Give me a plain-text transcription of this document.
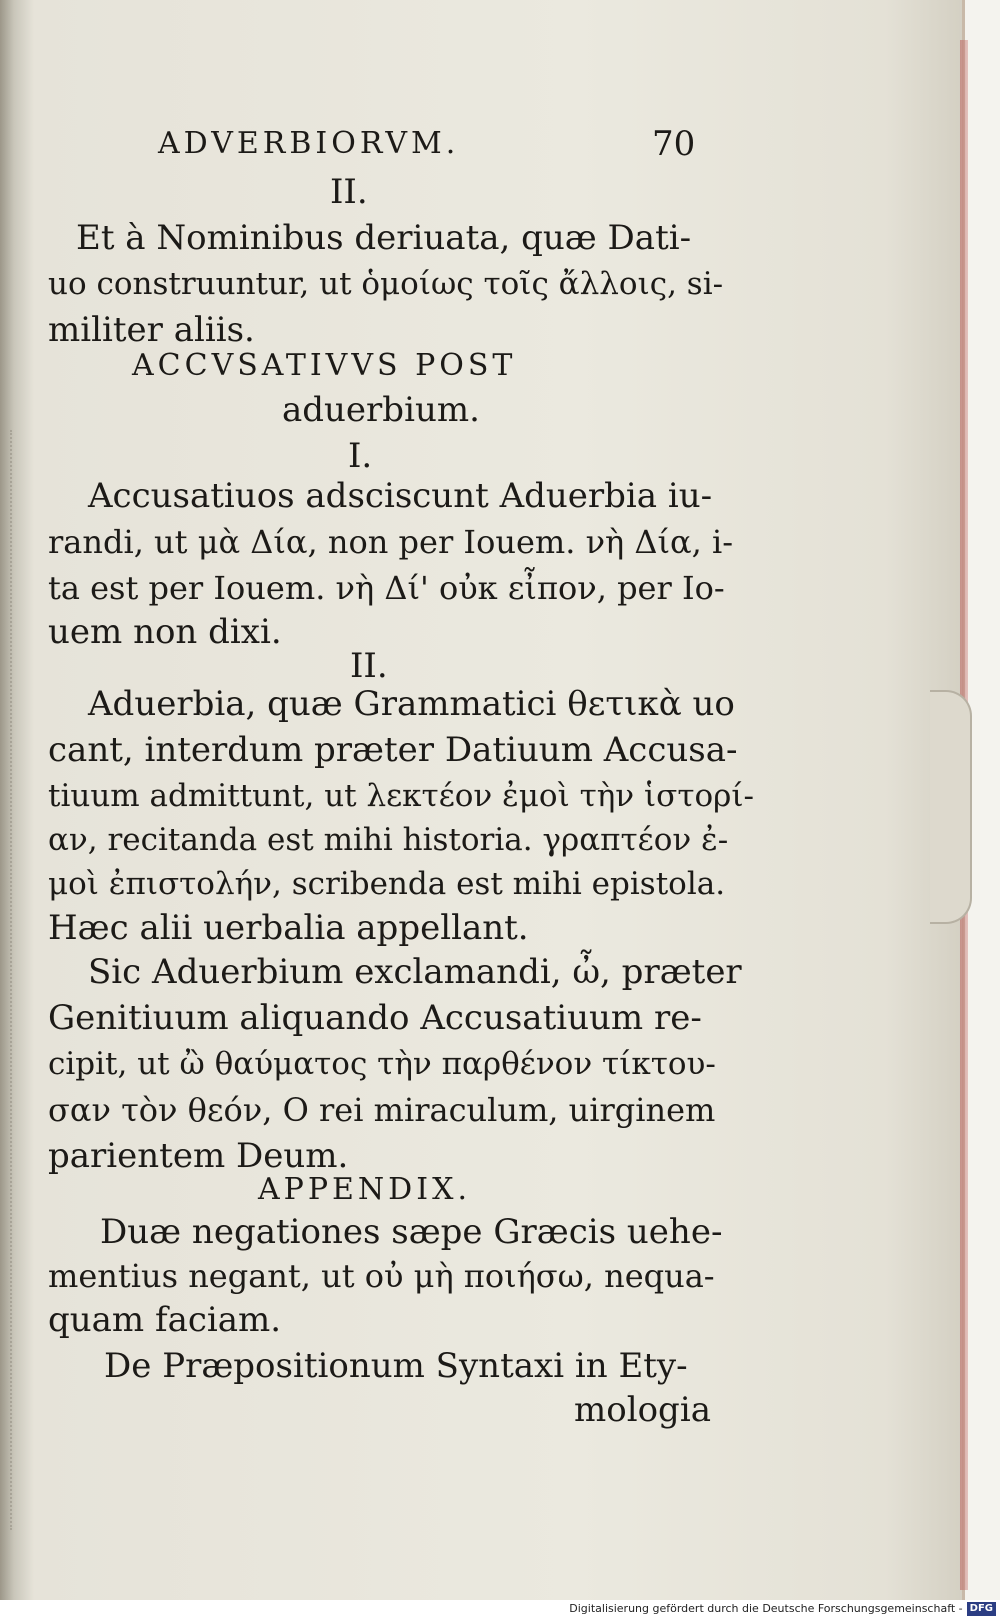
ADVERBIORVM.	70
II.
Et à Nominibus deriuata, quæ Dati-
uo construuntur, ut ὁμοίως τοῖς ἄλλοις, si-
militer aliis.
ACCVSATIVVS POST
aduerbium.
I.
Accusatiuos adsciscunt Aduerbia iu-
randi, ut μὰ Δία, non per Iouem. νὴ Δία, i-
ta est per Iouem. νὴ Δί' οὐκ εἶπον, per Io-
uem non dixi.
II.
Aduerbia, quæ Grammatici θετικὰ uo
cant, interdum præter Datiuum Accusa-
tiuum admittunt, ut λεκτέον ἐμοὶ τὴν ἱστορί-
αν, recitanda est mihi historia. γραπτέον ἐ-
μοὶ ἐπιστολήν, scribenda est mihi epistola.
Hæc alii uerbalia appellant.
Sic Aduerbium exclamandi, ὦ, præter
Genitiuum aliquando Accusatiuum re-
cipit, ut ὢ θαύματος τὴν παρθένον τίκτου-
σαν τὸν θεόν, O rei miraculum, uirginem
parientem Deum.
APPENDIX.
Duæ negationes sæpe Græcis uehe-
mentius negant, ut οὐ μὴ ποιήσω, nequa-
quam faciam.
De Præpositionum Syntaxi in Ety-
mologia
Digitalisierung gefördert durch die Deutsche Forschungsgemeinschaft - DFG
